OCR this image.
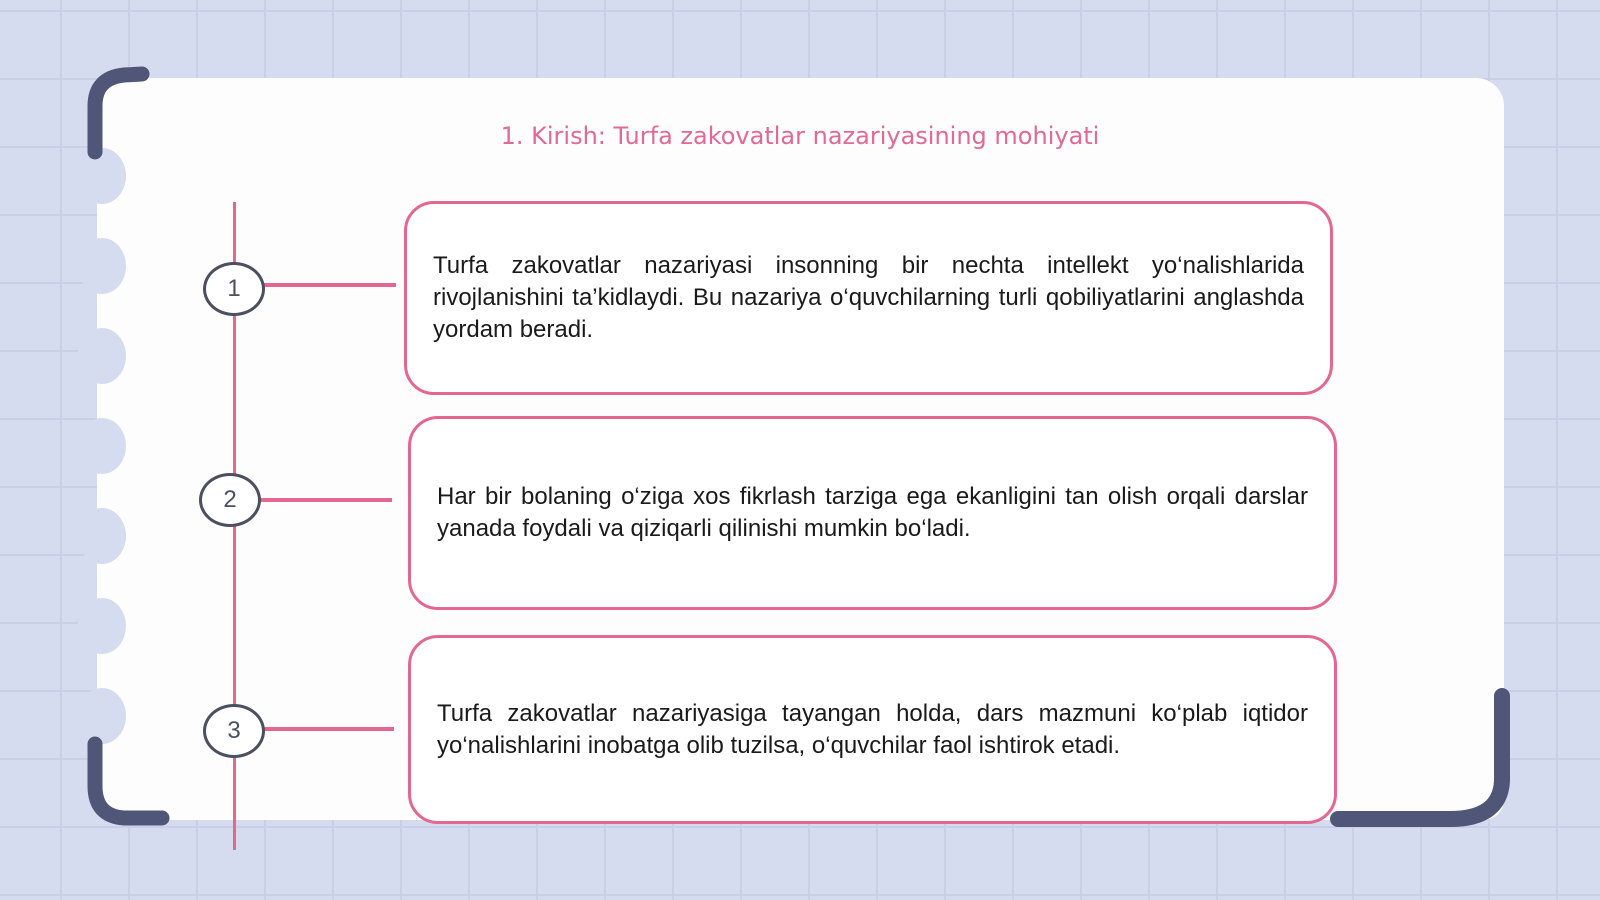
1. Kirish: Turfa zakovatlar nazariyasining mohiyati
1
2
3

Turfa zakovatlar nazariyasi insonning bir nechta intellekt yo‘nalishlarida rivojlanishini ta’kidlaydi. Bu nazariya o‘quvchilarning turli qobiliyatlarini anglashda yordam beradi.

Har bir bolaning o‘ziga xos fikrlash tarziga ega ekanligini tan olish orqali darslar yanada foydali va qiziqarli qilinishi mumkin bo‘ladi.

Turfa zakovatlar nazariyasiga tayangan holda, dars mazmuni ko‘plab iqtidor yo‘nalishlarini inobatga olib tuzilsa, o‘quvchilar faol ishtirok etadi.
